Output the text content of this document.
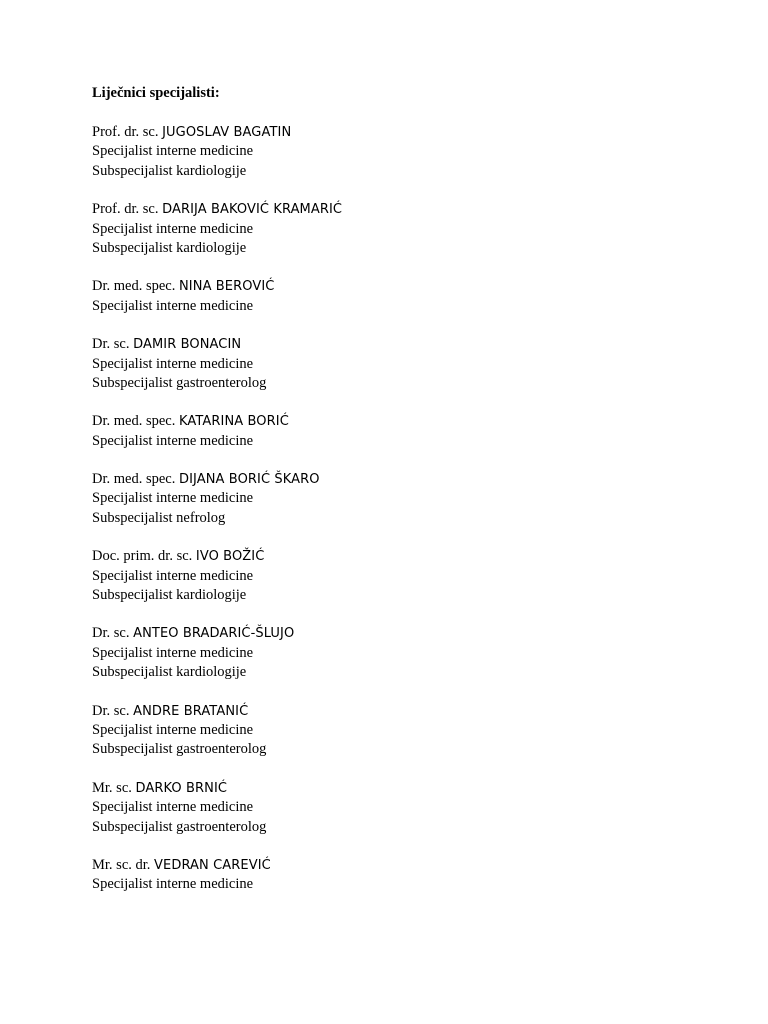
Liječnici specijalisti:
Prof. dr. sc. JUGOSLAV BAGATIN
Specijalist interne medicine
Subspecijalist kardiologije
Prof. dr. sc. DARIJA BAKOVIĆ KRAMARIĆ
Specijalist interne medicine
Subspecijalist kardiologije
Dr. med. spec. NINA BEROVIĆ
Specijalist interne medicine
Dr. sc. DAMIR BONACIN
Specijalist interne medicine
Subspecijalist gastroenterolog
Dr. med. spec. KATARINA BORIĆ
Specijalist interne medicine
Dr. med. spec. DIJANA BORIĆ ŠKARO
Specijalist interne medicine
Subspecijalist nefrolog
Doc. prim. dr. sc. IVO BOŽIĆ
Specijalist interne medicine
Subspecijalist kardiologije
Dr. sc. ANTEO BRADARIĆ-ŠLUJO
Specijalist interne medicine
Subspecijalist kardiologije
Dr. sc. ANDRE BRATANIĆ
Specijalist interne medicine
Subspecijalist gastroenterolog
Mr. sc. DARKO BRNIĆ
Specijalist interne medicine
Subspecijalist gastroenterolog
Mr. sc. dr. VEDRAN CAREVIĆ
Specijalist interne medicine
